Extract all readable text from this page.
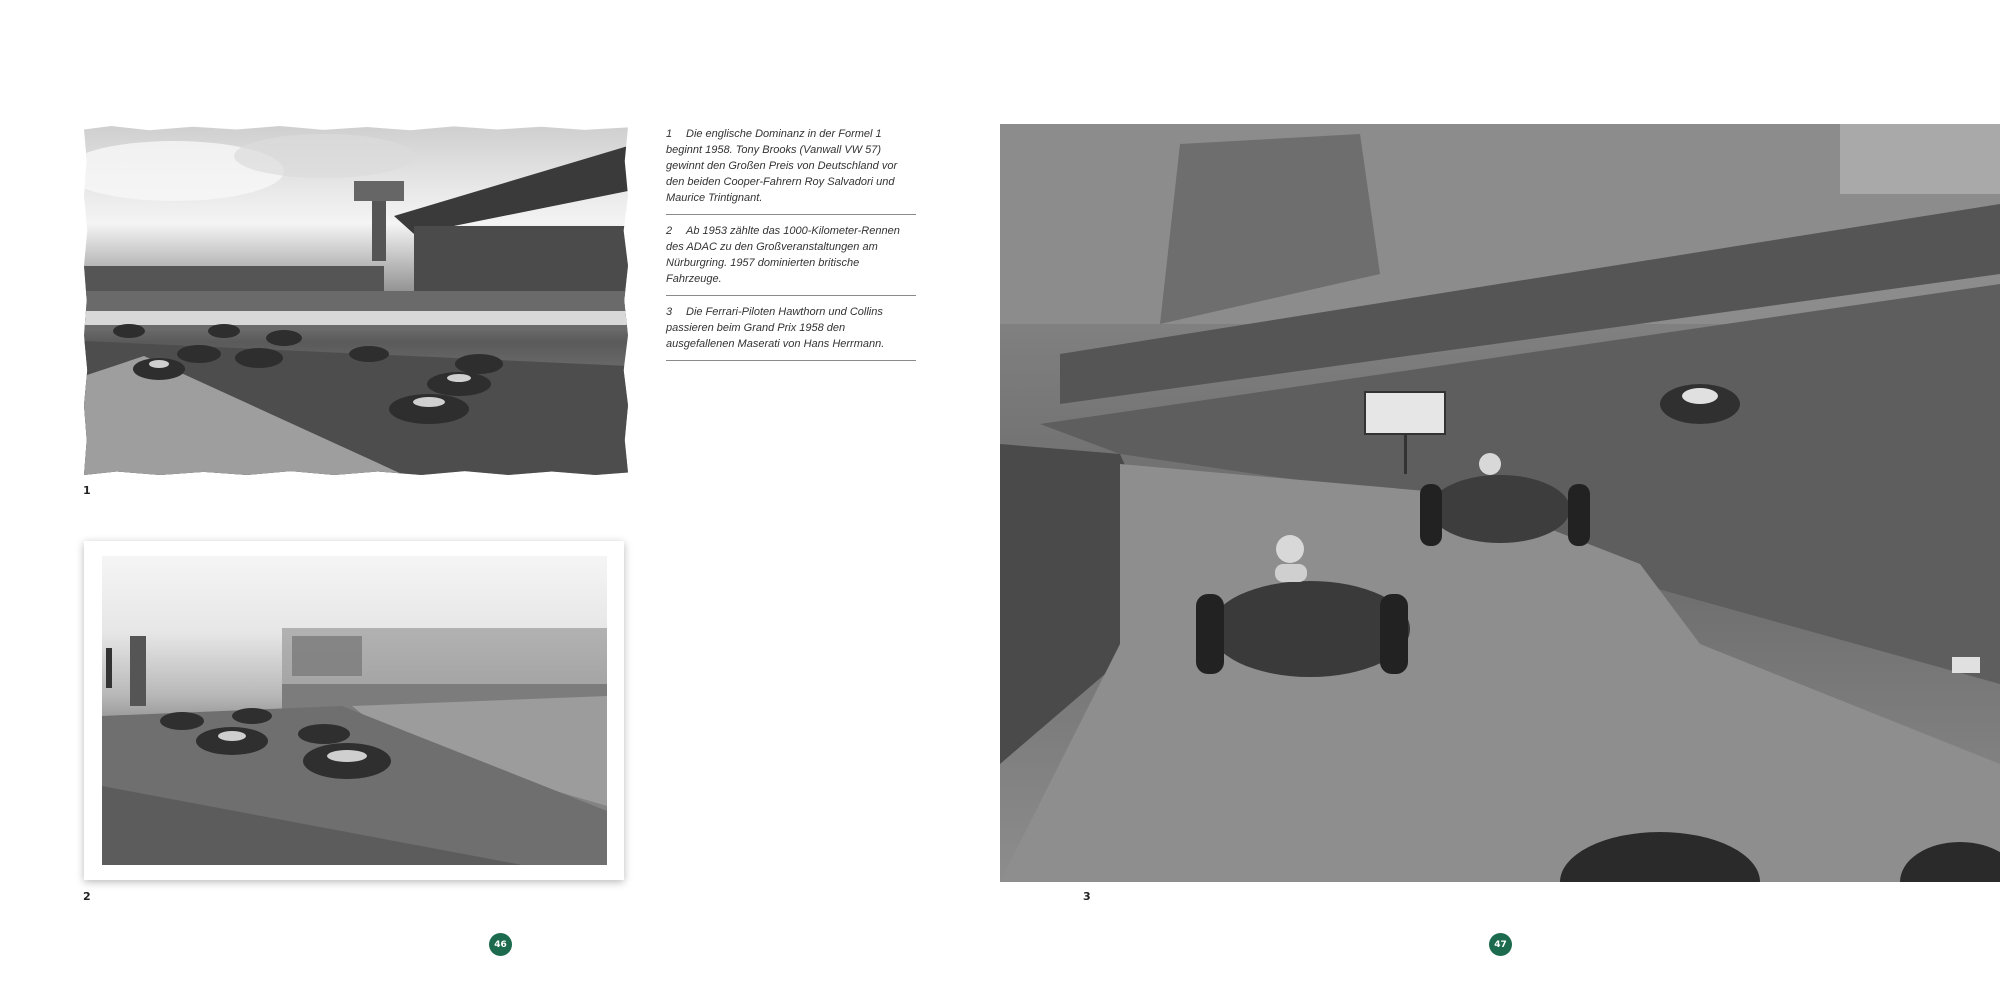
1
2
1 Die englische Dominanz in der Formel 1 beginnt 1958. Tony Brooks (Vanwall VW 57) gewinnt den Großen Preis von Deutschland vor den beiden Cooper-Fahrern Roy Salvadori und Maurice Trintignant.
2 Ab 1953 zählte das 1000-Kilometer-Rennen des ADAC zu den Großveranstaltungen am Nürburgring. 1957 dominierten britische Fahrzeuge.
3 Die Ferrari-Piloten Hawthorn und Collins passieren beim Grand Prix 1958 den ausgefallenen Maserati von Hans Herrmann.
46
3
47
